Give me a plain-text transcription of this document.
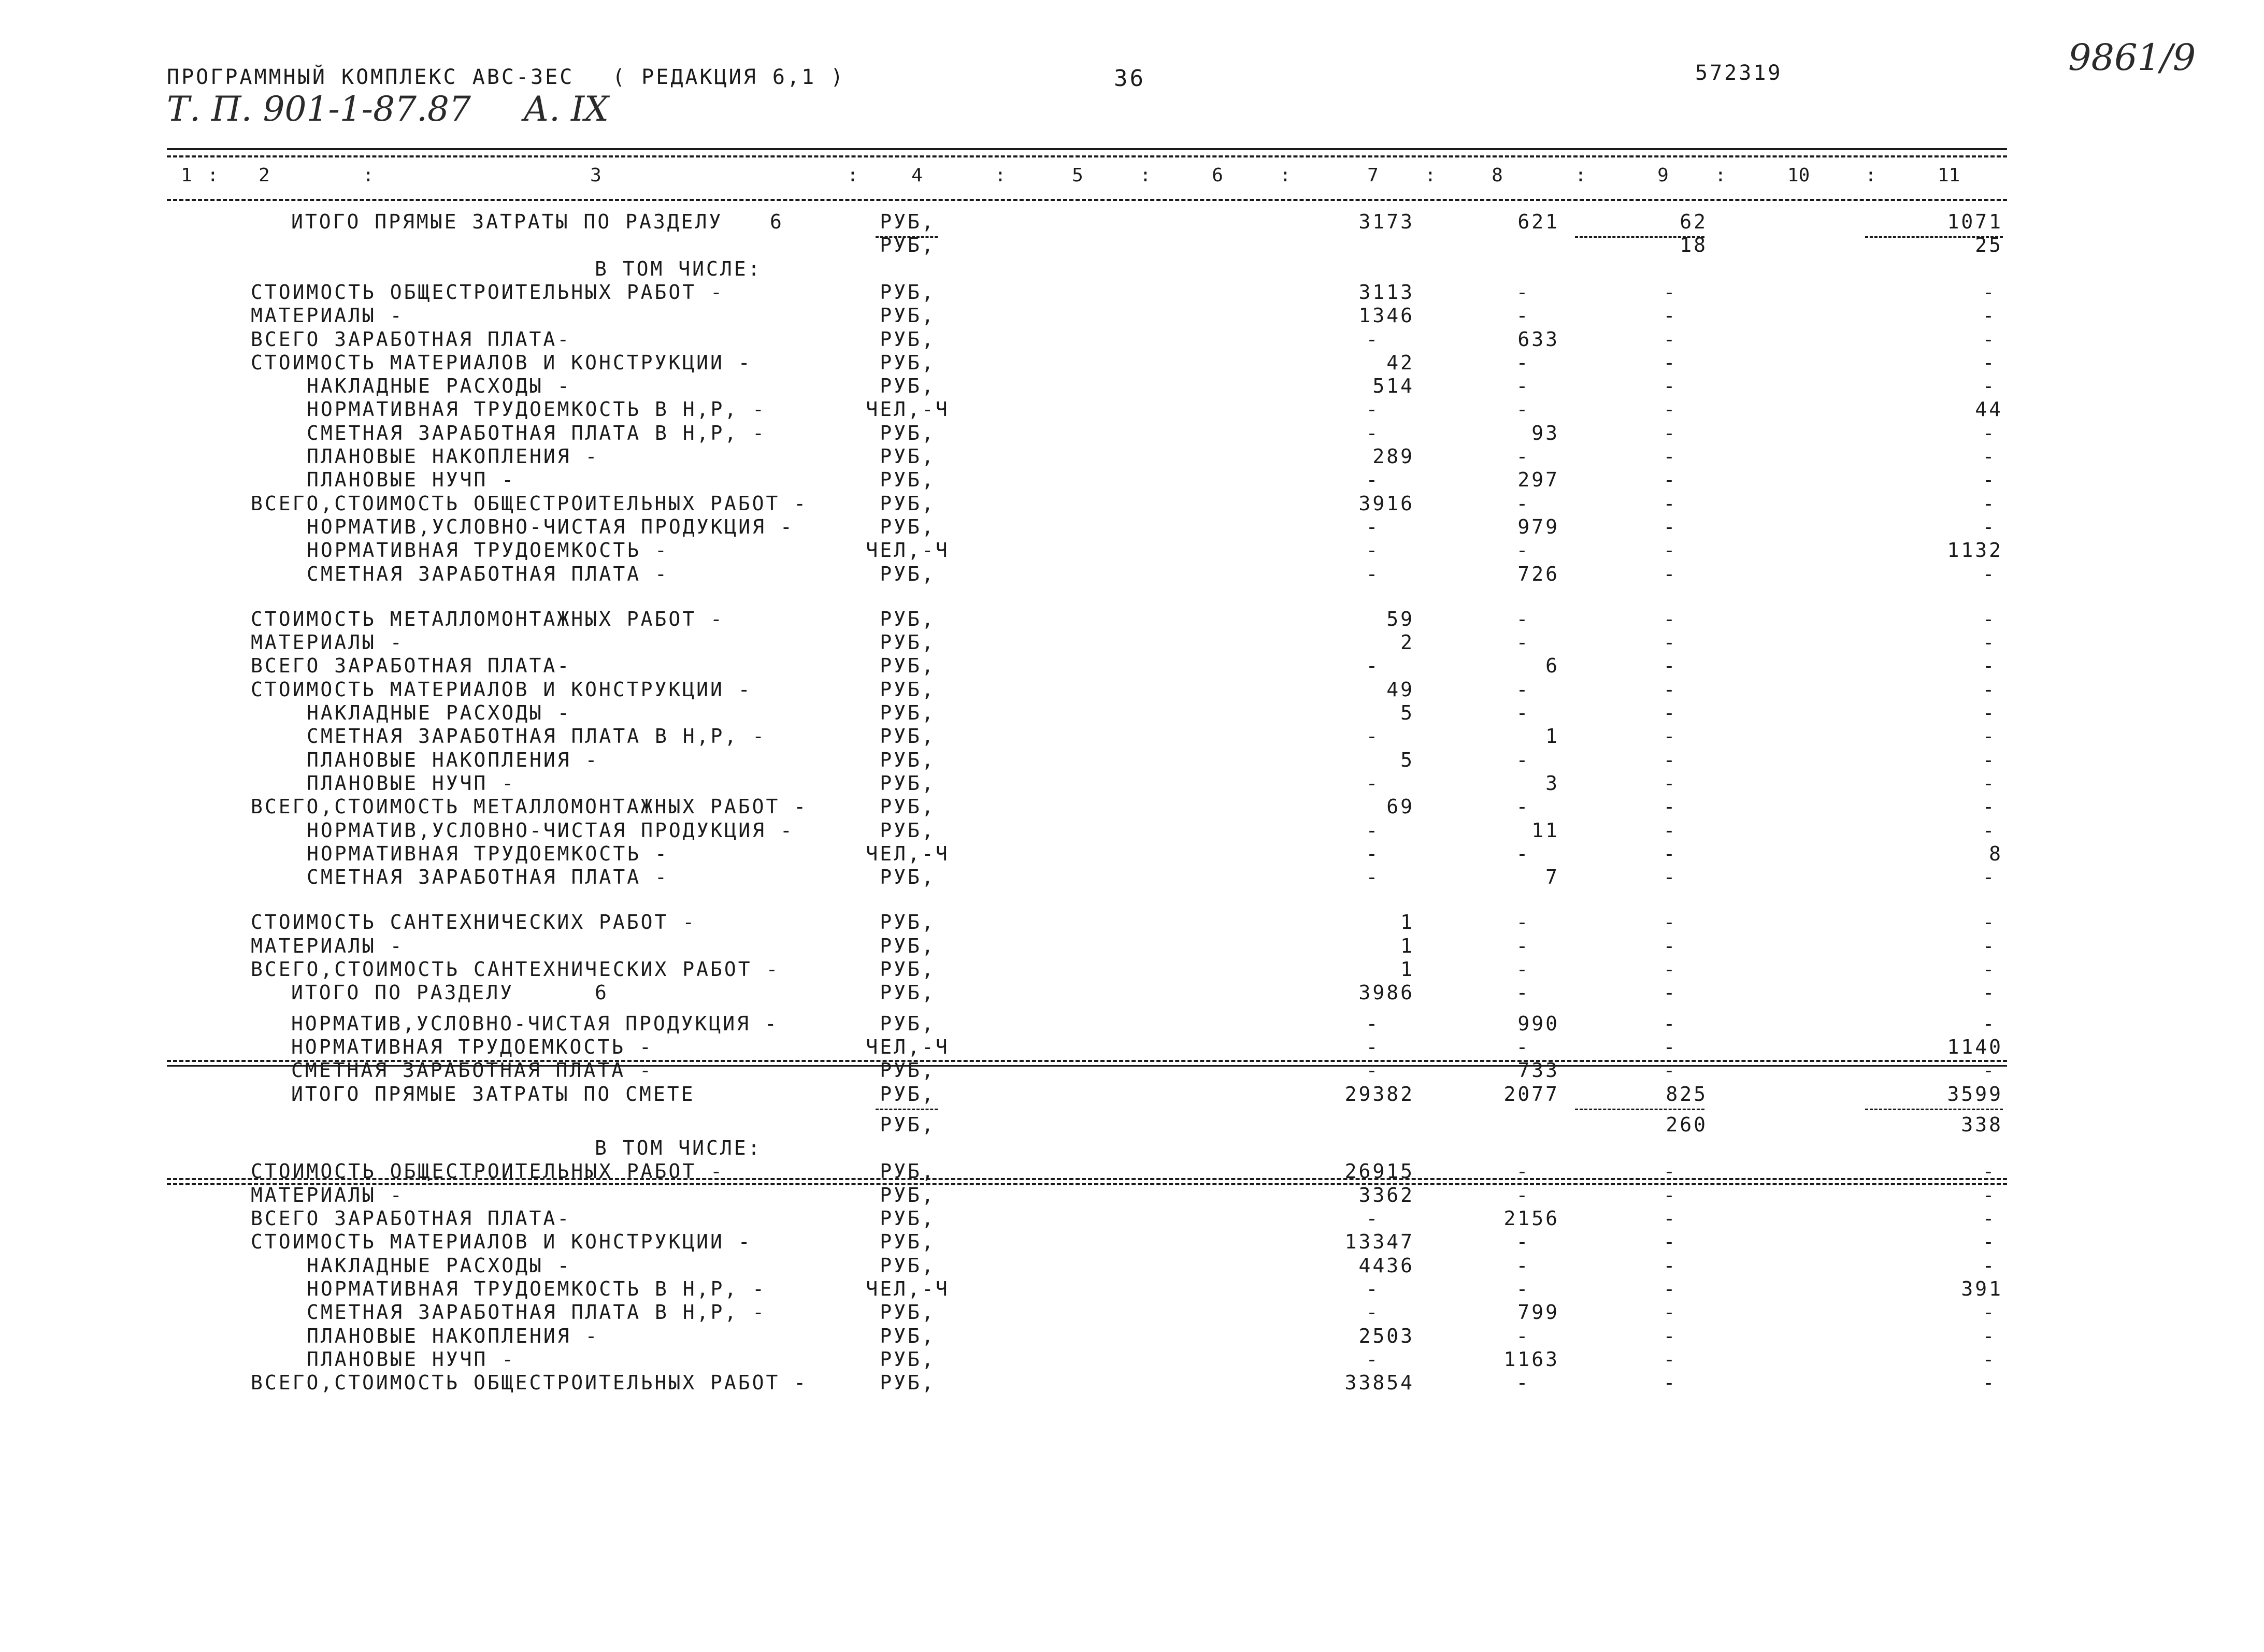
ПРОГРАММНЫЙ КОМПЛЕКС АВС-ЗЕС ( РЕДАКЦИЯ 6,1 )	36	572319
Т. П. 901-1-87.87 А. IX
9861/9
1	2	3	4	5	6	7	8	9	10	11
:	:	:	:	:	:	:	:	:	:
ИТОГО ПРЯМЫЕ ЗАТРАТЫ ПО РАЗДЕЛУ 6	РУБ,	3173	621	62	1071
РУБ,	18	25
В ТОМ ЧИСЛЕ:
СТОИМОСТЬ ОБЩЕСТРОИТЕЛЬНЫХ РАБОТ -	РУБ,	3113	-	-	-
МАТЕРИАЛЫ -	РУБ,	1346	-	-	-
ВСЕГО ЗАРАБОТНАЯ ПЛАТА-	РУБ,	-	633	-	-
СТОИМОСТЬ МАТЕРИАЛОВ И КОНСТРУКЦИИ -	РУБ,	42	-	-	-
НАКЛАДНЫЕ РАСХОДЫ -	РУБ,	514	-	-	-
НОРМАТИВНАЯ ТРУДОЕМКОСТЬ В Н,Р, -	ЧЕЛ,-Ч	-	-	-	44
СМЕТНАЯ ЗАРАБОТНАЯ ПЛАТА В Н,Р, -	РУБ,	-	93	-	-
ПЛАНОВЫЕ НАКОПЛЕНИЯ -	РУБ,	289	-	-	-
ПЛАНОВЫЕ НУЧП -	РУБ,	-	297	-	-
ВСЕГО,СТОИМОСТЬ ОБЩЕСТРОИТЕЛЬНЫХ РАБОТ -	РУБ,	3916	-	-	-
НОРМАТИВ,УСЛОВНО-ЧИСТАЯ ПРОДУКЦИЯ -	РУБ,	-	979	-	-
НОРМАТИВНАЯ ТРУДОЕМКОСТЬ -	ЧЕЛ,-Ч	-	-	-	1132
СМЕТНАЯ ЗАРАБОТНАЯ ПЛАТА -	РУБ,	-	726	-	-
СТОИМОСТЬ МЕТАЛЛОМОНТАЖНЫХ РАБОТ -	РУБ,	59	-	-	-
МАТЕРИАЛЫ -	РУБ,	2	-	-	-
ВСЕГО ЗАРАБОТНАЯ ПЛАТА-	РУБ,	-	6	-	-
СТОИМОСТЬ МАТЕРИАЛОВ И КОНСТРУКЦИИ -	РУБ,	49	-	-	-
НАКЛАДНЫЕ РАСХОДЫ -	РУБ,	5	-	-	-
СМЕТНАЯ ЗАРАБОТНАЯ ПЛАТА В Н,Р, -	РУБ,	-	1	-	-
ПЛАНОВЫЕ НАКОПЛЕНИЯ -	РУБ,	5	-	-	-
ПЛАНОВЫЕ НУЧП -	РУБ,	-	3	-	-
ВСЕГО,СТОИМОСТЬ МЕТАЛЛОМОНТАЖНЫХ РАБОТ -	РУБ,	69	-	-	-
НОРМАТИВ,УСЛОВНО-ЧИСТАЯ ПРОДУКЦИЯ -	РУБ,	-	11	-	-
НОРМАТИВНАЯ ТРУДОЕМКОСТЬ -	ЧЕЛ,-Ч	-	-	-	8
СМЕТНАЯ ЗАРАБОТНАЯ ПЛАТА -	РУБ,	-	7	-	-
СТОИМОСТЬ САНТЕХНИЧЕСКИХ РАБОТ -	РУБ,	1	-	-	-
МАТЕРИАЛЫ -	РУБ,	1	-	-	-
ВСЕГО,СТОИМОСТЬ САНТЕХНИЧЕСКИХ РАБОТ -	РУБ,	1	-	-	-
ИТОГО ПО РАЗДЕЛУ	6	РУБ,	3986	-	-	-
НОРМАТИВ,УСЛОВНО-ЧИСТАЯ ПРОДУКЦИЯ -	РУБ,	-	990	-	-
НОРМАТИВНАЯ ТРУДОЕМКОСТЬ -	ЧЕЛ,-Ч	-	-	-	1140
СМЕТНАЯ ЗАРАБОТНАЯ ПЛАТА -	РУБ,	-	733	-	-
ИТОГО ПРЯМЫЕ ЗАТРАТЫ ПО СМЕТЕ	РУБ,	29382	2077	825	3599
РУБ,	260	338
В ТОМ ЧИСЛЕ:
СТОИМОСТЬ ОБЩЕСТРОИТЕЛЬНЫХ РАБОТ -	РУБ,	26915	-	-	-
МАТЕРИАЛЫ -	РУБ,	3362	-	-	-
ВСЕГО ЗАРАБОТНАЯ ПЛАТА-	РУБ,	-	2156	-	-
СТОИМОСТЬ МАТЕРИАЛОВ И КОНСТРУКЦИИ -	РУБ,	13347	-	-	-
НАКЛАДНЫЕ РАСХОДЫ -	РУБ,	4436	-	-	-
НОРМАТИВНАЯ ТРУДОЕМКОСТЬ В Н,Р, -	ЧЕЛ,-Ч	-	-	-	391
СМЕТНАЯ ЗАРАБОТНАЯ ПЛАТА В Н,Р, -	РУБ,	-	799	-	-
ПЛАНОВЫЕ НАКОПЛЕНИЯ -	РУБ,	2503	-	-	-
ПЛАНОВЫЕ НУЧП -	РУБ,	-	1163	-	-
ВСЕГО,СТОИМОСТЬ ОБЩЕСТРОИТЕЛЬНЫХ РАБОТ -	РУБ,	33854	-	-	-
